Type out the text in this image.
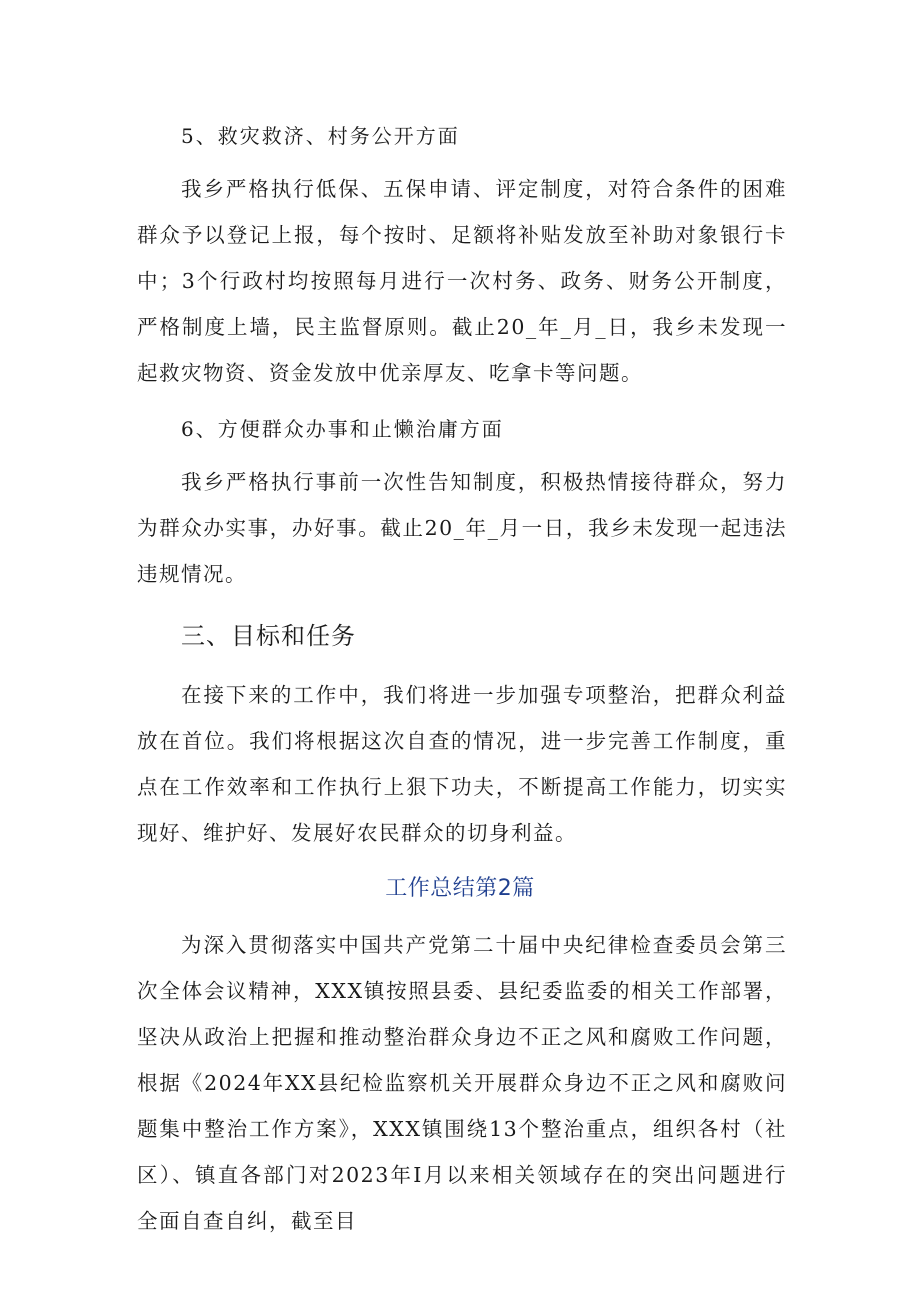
5、救灾救济、村务公开方面
我乡严格执行低保、五保申请、评定制度，对符合条件的困难群众予以登记上报，每个按时、足额将补贴发放至补助对象银行卡中；3个行政村均按照每月进行一次村务、政务、财务公开制度，严格制度上墙，民主监督原则。截止20_年_月_日，我乡未发现一起救灾物资、资金发放中优亲厚友、吃拿卡等问题。
6、方便群众办事和止懒治庸方面
我乡严格执行事前一次性告知制度，积极热情接待群众，努力为群众办实事，办好事。截止20_年_月一日，我乡未发现一起违法违规情况。
三、目标和任务
在接下来的工作中，我们将进一步加强专项整治，把群众利益放在首位。我们将根据这次自查的情况，进一步完善工作制度，重点在工作效率和工作执行上狠下功夫，不断提高工作能力，切实实现好、维护好、发展好农民群众的切身利益。
工作总结第2篇
为深入贯彻落实中国共产党第二十届中央纪律检查委员会第三次全体会议精神，XXX镇按照县委、县纪委监委的相关工作部署，坚决从政治上把握和推动整治群众身边不正之风和腐败工作问题，根据《2024年XX县纪检监察机关开展群众身边不正之风和腐败问题集中整治工作方案》，XXX镇围绕13个整治重点，组织各村（社区）、镇直各部门对2023年I月以来相关领域存在的突出问题进行全面自查自纠，截至目
